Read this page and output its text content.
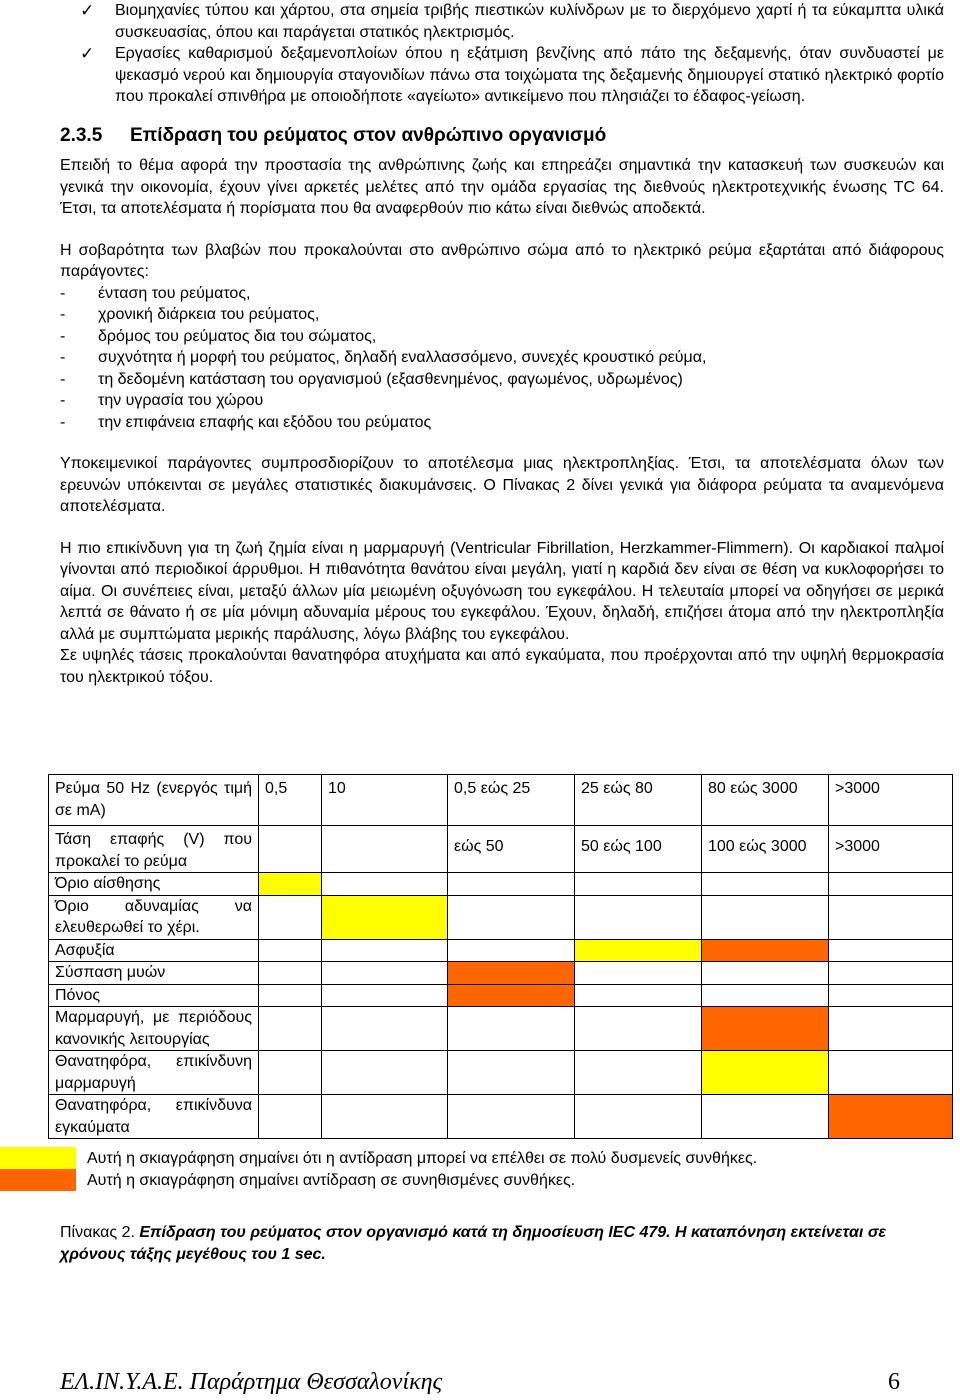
✓ Βιομηχανίες τύπου και χάρτου, στα σημεία τριβής πιεστικών κυλίνδρων με το διερχόμενο χαρτί ή τα εύκαμπτα υλικά συσκευασίας, όπου και παράγεται στατικός ηλεκτρισμός.
✓ Εργασίες καθαρισμού δεξαμενοπλοίων όπου η εξάτμιση βενζίνης από πάτο της δεξαμενής, όταν συνδυαστεί με ψεκασμό νερού και δημιουργία σταγονιδίων πάνω στα τοιχώματα της δεξαμενής δημιουργεί στατικό ηλεκτρικό φορτίο που προκαλεί σπινθήρα με οποιοδήποτε «αγείωτο» αντικείμενο που πλησιάζει το έδαφος-γείωση.
2.3.5 Επίδραση του ρεύματος στον ανθρώπινο οργανισμό

Επειδή το θέμα αφορά την προστασία της ανθρώπινης ζωής και επηρεάζει σημαντικά την κατασκευή των συσκευών και γενικά την οικονομία, έχουν γίνει αρκετές μελέτες από την ομάδα εργασίας της διεθνούς ηλεκτροτεχνικής ένωσης TC 64. Έτσι, τα αποτελέσματα ή πορίσματα που θα αναφερθούν πιο κάτω είναι διεθνώς αποδεκτά.

Η σοβαρότητα των βλαβών που προκαλούνται στο ανθρώπινο σώμα από το ηλεκτρικό ρεύμα εξαρτάται από διάφορους παράγοντες:

- ένταση του ρεύματος,
- χρονική διάρκεια του ρεύματος,
- δρόμος του ρεύματος δια του σώματος,
- συχνότητα ή μορφή του ρεύματος, δηλαδή εναλλασσόμενο, συνεχές κρουστικό ρεύμα,
- τη δεδομένη κατάσταση του οργανισμού (εξασθενημένος, φαγωμένος, υδρωμένος)
- την υγρασία του χώρου
- την επιφάνεια επαφής και εξόδου του ρεύματος

Υποκειμενικοί παράγοντες συμπροσδιορίζουν το αποτέλεσμα μιας ηλεκτροπληξίας. Έτσι, τα αποτελέσματα όλων των ερευνών υπόκεινται σε μεγάλες στατιστικές διακυμάνσεις. Ο Πίνακας 2 δίνει γενικά για διάφορα ρεύματα τα αναμενόμενα αποτελέσματα.

Η πιο επικίνδυνη για τη ζωή ζημία είναι η μαρμαρυγή (Ventricular Fibrillation, Herzkammer-Flimmern). Οι καρδιακοί παλμοί γίνονται από περιοδικοί άρρυθμοι. Η πιθανότητα θανάτου είναι μεγάλη, γιατί η καρδιά δεν είναι σε θέση να κυκλοφορήσει το αίμα. Οι συνέπειες είναι, μεταξύ άλλων μία μειωμένη οξυγόνωση του εγκεφάλου. Η τελευταία μπορεί να οδηγήσει σε μερικά λεπτά σε θάνατο ή σε μία μόνιμη αδυναμία μέρους του εγκεφάλου. Έχουν, δηλαδή, επιζήσει άτομα από την ηλεκτροπληξία αλλά με συμπτώματα μερικής παράλυσης, λόγω βλάβης του εγκεφάλου.

Σε υψηλές τάσεις προκαλούνται θανατηφόρα ατυχήματα και από εγκαύματα, που προέρχονται από την υψηλή θερμοκρασία του ηλεκτρικού τόξου.

Ρεύμα 50 Hz (ενεργός τιμή σε mA)	0,5	10	0,5 εώς 25	25 εώς 80	80 εώς 3000	>3000
Τάση επαφής (V) που προκαλεί το ρεύμα			εώς 50	50 εώς 100	100 εώς 3000	>3000
Όριο αίσθησης						
Όριο αδυναμίας να ελευθερωθεί το χέρι.						
Ασφυξία						
Σύσπαση μυών						
Πόνος						
Μαρμαρυγή, με περιόδους κανονικής λειτουργίας						
Θανατηφόρα, επικίνδυνη μαρμαρυγή						
Θανατηφόρα, επικίνδυνα εγκαύματα						
Αυτή η σκιαγράφηση σημαίνει ότι η αντίδραση μπορεί να επέλθει σε πολύ δυσμενείς συνθήκες.
Αυτή η σκιαγράφηση σημαίνει αντίδραση σε συνηθισμένες συνθήκες.
Πίνακας 2. Επίδραση του ρεύματος στον οργανισμό κατά τη δημοσίευση IEC 479. Η καταπόνηση εκτείνεται σε χρόνους τάξης μεγέθους του 1 sec.
ΕΛ.ΙΝ.Υ.Α.Ε. Παράρτημα Θεσσαλονίκης	6
